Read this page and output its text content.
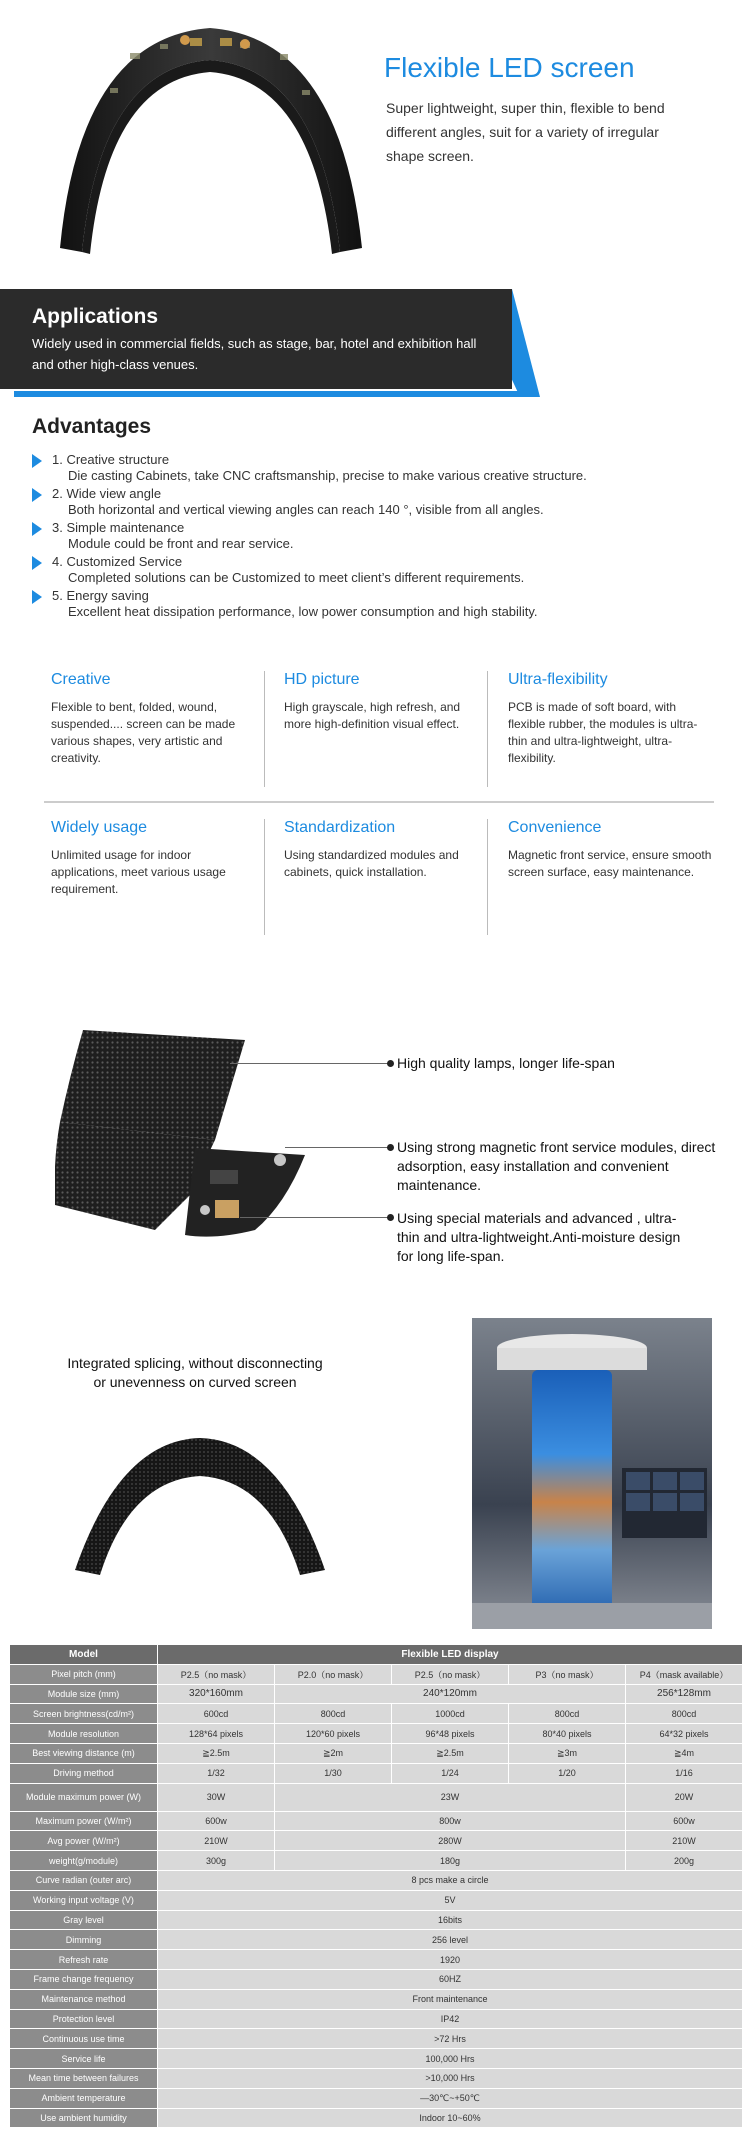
Flexible LED screen

Super lightweight, super thin, flexible to bend different angles, suit for a variety of irregular shape screen.

Applications

Widely used in commercial fields, such as stage, bar, hotel and exhibition hall and other high-class venues.

Advantages
1. Creative structure
Die casting Cabinets, take CNC craftsmanship, precise to make various creative structure.
2. Wide view angle
Both horizontal and vertical viewing angles can reach 140 °, visible from all angles.
3. Simple maintenance
Module could be front and rear service.
4. Customized Service
Completed solutions can be Customized to meet client’s different requirements.
5. Energy saving
Excellent heat dissipation performance, low power consumption and high stability.
Creative

Flexible to bent, folded, wound, suspended.... screen can be made various shapes, very artistic and creativity.

HD picture

High grayscale, high refresh, and more high-definition visual effect.

Ultra-flexibility

PCB is made of soft board, with flexible rubber, the modules is ultra-thin and ultra-lightweight, ultra-flexibility.

Widely usage

Unlimited usage for indoor applications, meet various usage requirement.

Standardization

Using standardized modules and cabinets, quick installation.

Convenience

Magnetic front service, ensure smooth screen surface, easy maintenance.

High quality lamps, longer life-span

Using strong magnetic front service modules, direct adsorption, easy installation and convenient maintenance.

Using special materials and advanced , ultra-thin and ultra-lightweight.Anti-moisture design for long life-span.

Integrated splicing, without disconnecting or unevenness on curved screen

Model	Flexible LED display				
Pixel pitch (mm)	P2.5（no mask）	P2.0（no mask）	P2.5（no mask）	P3（no mask）	P4（mask available）
Module size (mm)	320*160mm	240*120mm			256*128mm
Screen brightness(cd/m²)	600cd	800cd	1000cd	800cd	800cd
Module resolution	128*64 pixels	120*60 pixels	96*48 pixels	80*40 pixels	64*32 pixels
Best viewing distance (m)	≧2.5m	≧2m	≧2.5m	≧3m	≧4m
Driving method	1/32	1/30	1/24	1/20	1/16
Module maximum power (W)	30W	23W			20W
Maximum power (W/m²)	600w	800w			600w
Avg power (W/m²)	210W	280W			210W
weight(g/module)	300g	180g			200g
Curve radian (outer arc)	8 pcs make a circle				
Working input voltage (V)	5V				
Gray level	16bits				
Dimming	256 level				
Refresh rate	1920				
Frame change frequency	60HZ				
Maintenance method	Front maintenance				
Protection level	IP42				
Continuous use time	>72 Hrs				
Service life	100,000 Hrs				
Mean time between failures	>10,000 Hrs				
Ambient temperature	—30℃~+50℃				
Use ambient humidity	Indoor 10~60%				
